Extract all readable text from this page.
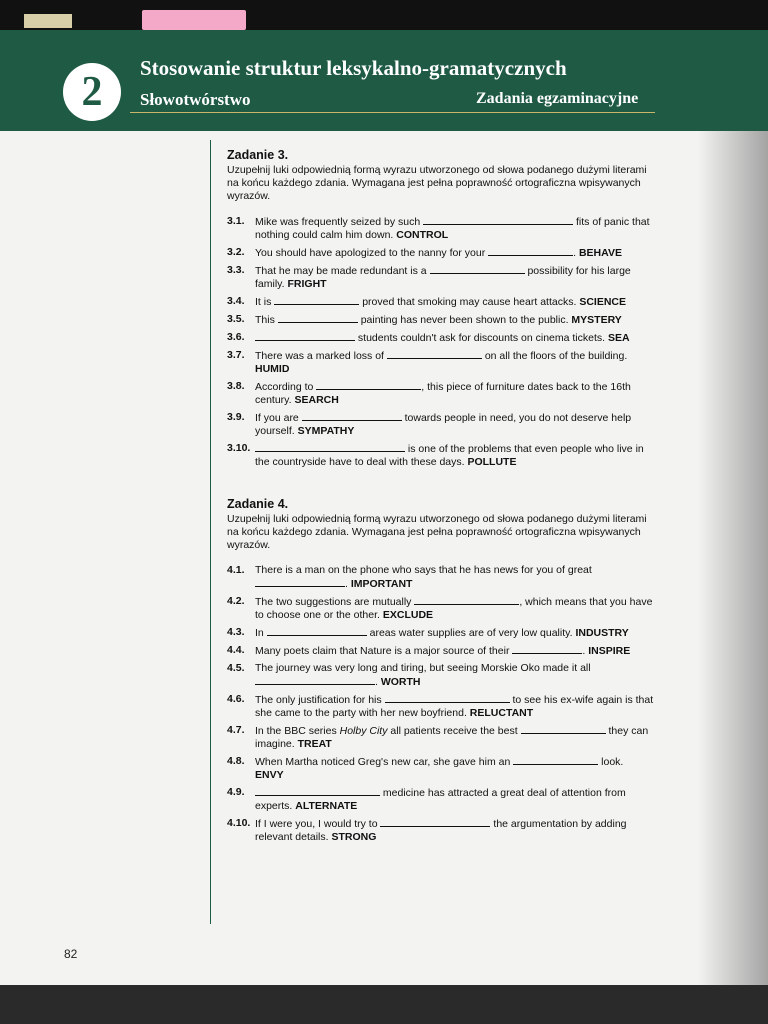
2
Stosowanie struktur leksykalno-gramatycznych
Słowotwórstwo	Zadania egzaminacyjne
Zadanie 3.
Uzupełnij luki odpowiednią formą wyrazu utworzonego od słowa podanego dużymi literami na końcu każdego zdania. Wymagana jest pełna poprawność ortograficzna wpisywanych wyrazów.
3.1. Mike was frequently seized by such	fits of panic that nothing could calm him down. CONTROL
3.2. You should have apologized to the nanny for your	. BEHAVE
3.3. That he may be made redundant is a	possibility for his large family. FRIGHT
3.4. It is	proved that smoking may cause heart attacks. SCIENCE
3.5. This	painting has never been shown to the public. MYSTERY
3.6.	students couldn't ask for discounts on cinema tickets. SEA
3.7. There was a marked loss of	on all the floors of the building. HUMID
3.8. According to	, this piece of furniture dates back to the 16th century. SEARCH
3.9. If you are	towards people in need, you do not deserve help yourself. SYMPATHY
3.10.	is one of the problems that even people who live in the countryside have to deal with these days. POLLUTE
Zadanie 4.
Uzupełnij luki odpowiednią formą wyrazu utworzonego od słowa podanego dużymi literami na końcu każdego zdania. Wymagana jest pełna poprawność ortograficzna wpisywanych wyrazów.
4.1. There is a man on the phone who says that he has news for you of great . IMPORTANT
4.2. The two suggestions are mutually	, which means that you have to choose one or the other. EXCLUDE
4.3. In	areas water supplies are of very low quality. INDUSTRY
4.4. Many poets claim that Nature is a major source of their	. INSPIRE
4.5. The journey was very long and tiring, but seeing Morskie Oko made it all . WORTH
4.6. The only justification for his	to see his ex-wife again is that she came to the party with her new boyfriend. RELUCTANT
4.7. In the BBC series Holby City all patients receive the best	they can imagine. TREAT
4.8. When Martha noticed Greg's new car, she gave him an	look. ENVY
4.9.	medicine has attracted a great deal of attention from experts. ALTERNATE
4.10. If I were you, I would try to	the argumentation by adding relevant details. STRONG
82
